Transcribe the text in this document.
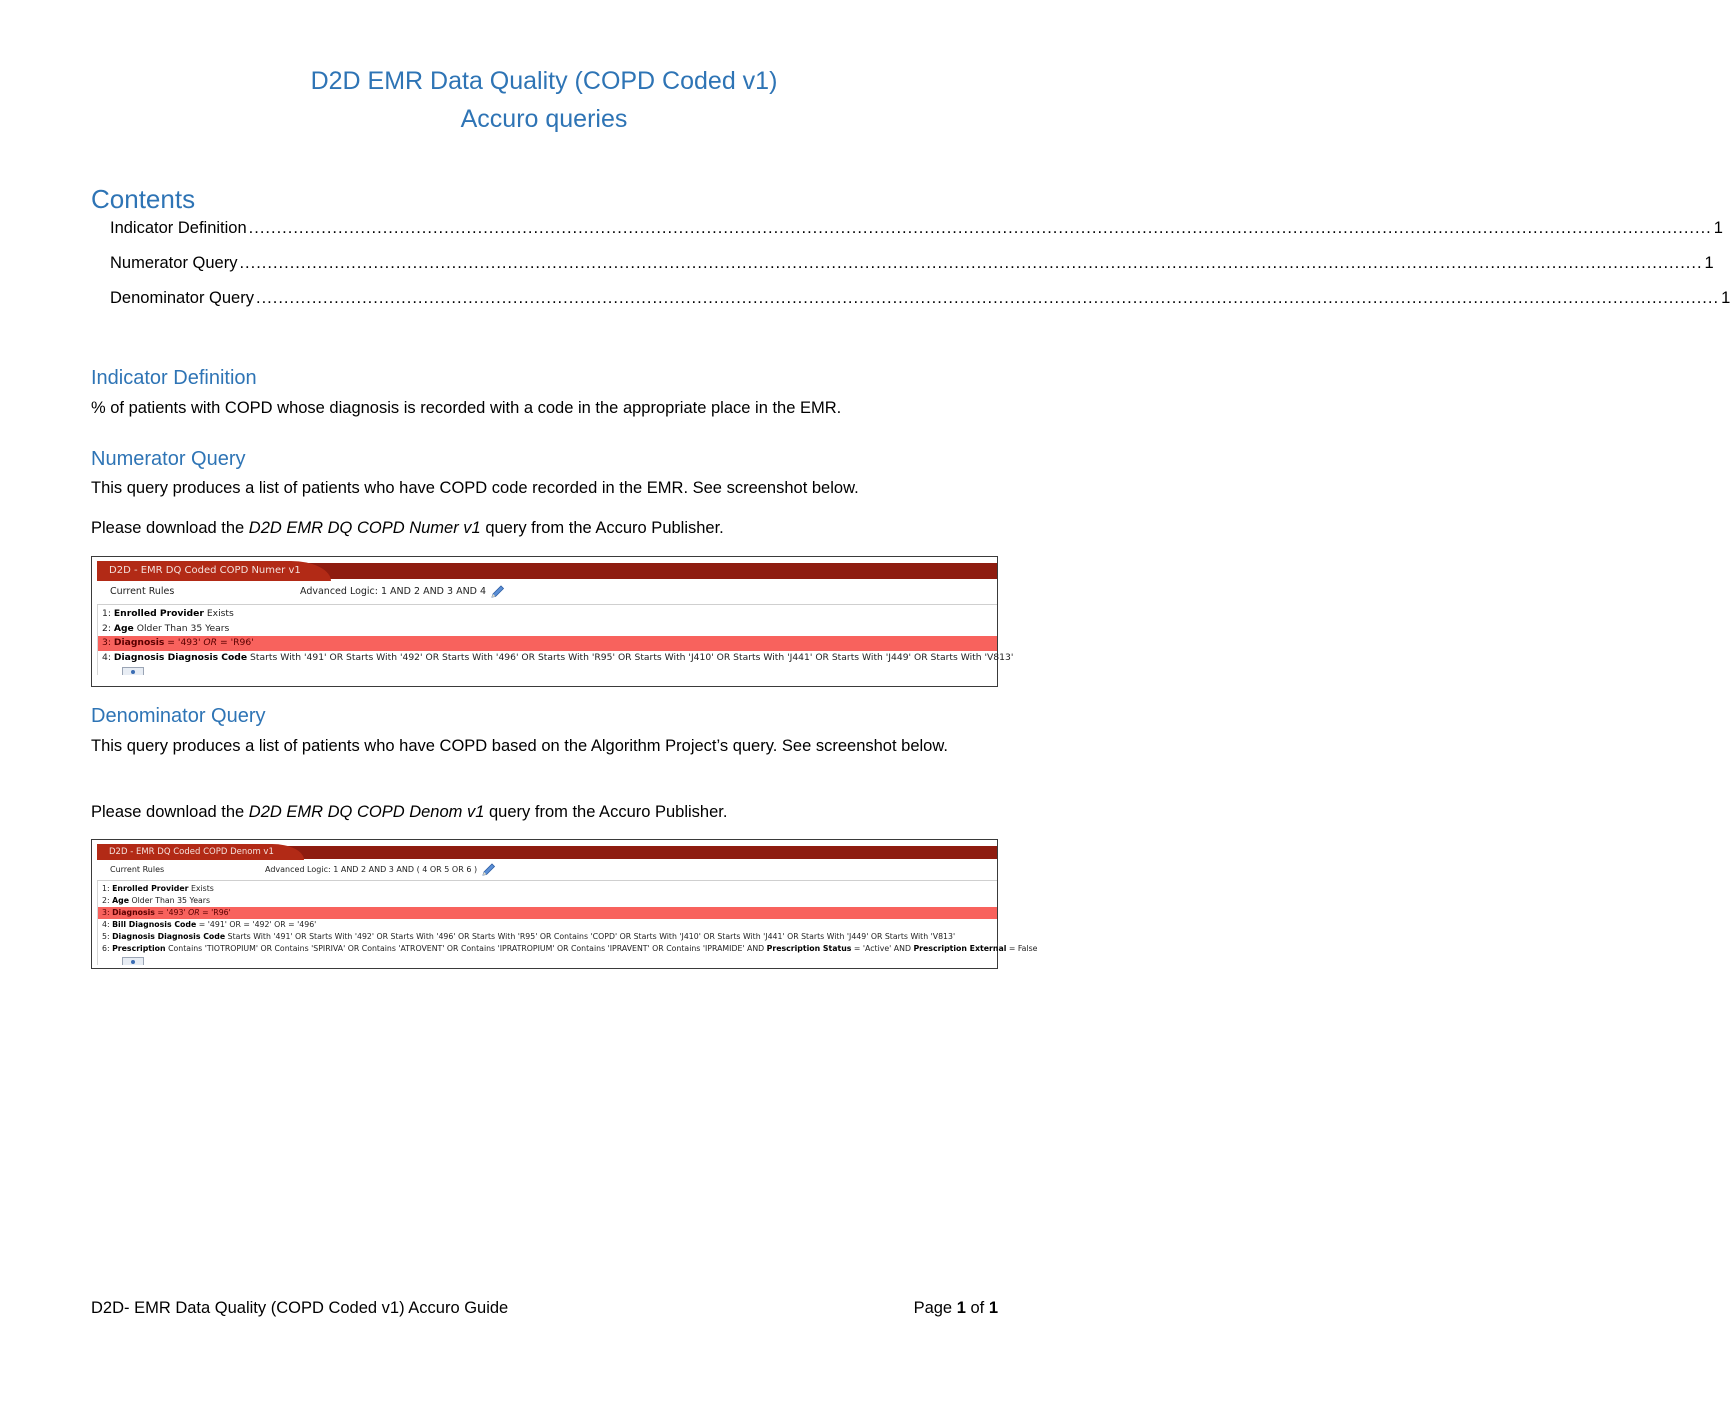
D2D EMR Data Quality (COPD Coded v1)
Accuro queries
Contents
Indicator Definition .....	1
Numerator Query .....	1
Denominator Query .....	1
Indicator Definition
% of patients with COPD whose diagnosis is recorded with a code in the appropriate place in the EMR.
Numerator Query
This query produces a list of patients who have COPD code recorded in the EMR. See screenshot below.
Please download the D2D EMR DQ COPD Numer v1 query from the Accuro Publisher.
D2D - EMR DQ Coded COPD Numer v1
Current Rules	Advanced Logic: 1 AND 2 AND 3 AND 4
1: Enrolled Provider Exists
2: Age Older Than 35 Years
3: Diagnosis = '493' OR = 'R96'
4: Diagnosis Diagnosis Code Starts With '491' OR Starts With '492' OR Starts With '496' OR Starts With 'R95' OR Starts With 'J410' OR Starts With 'J441' OR Starts With 'J449' OR Starts With 'V813'
Denominator Query
This query produces a list of patients who have COPD based on the Algorithm Project’s query. See screenshot below.
Please download the D2D EMR DQ COPD Denom v1 query from the Accuro Publisher.
D2D - EMR DQ Coded COPD Denom v1
Current Rules	Advanced Logic: 1 AND 2 AND 3 AND ( 4 OR 5 OR 6 )
1: Enrolled Provider Exists
2: Age Older Than 35 Years
3: Diagnosis = '493' OR = 'R96'
4: Bill Diagnosis Code = '491' OR = '492' OR = '496'
5: Diagnosis Diagnosis Code Starts With '491' OR Starts With '492' OR Starts With '496' OR Starts With 'R95' OR Contains 'COPD' OR Starts With 'J410' OR Starts With 'J441' OR Starts With 'J449' OR Starts With 'V813'
6: Prescription Contains 'TIOTROPIUM' OR Contains 'SPIRIVA' OR Contains 'ATROVENT' OR Contains 'IPRATROPIUM' OR Contains 'IPRAVENT' OR Contains 'IPRAMIDE' AND Prescription Status = 'Active' AND Prescription External = False
D2D- EMR Data Quality (COPD Coded v1) Accuro Guide	Page 1 of 1
